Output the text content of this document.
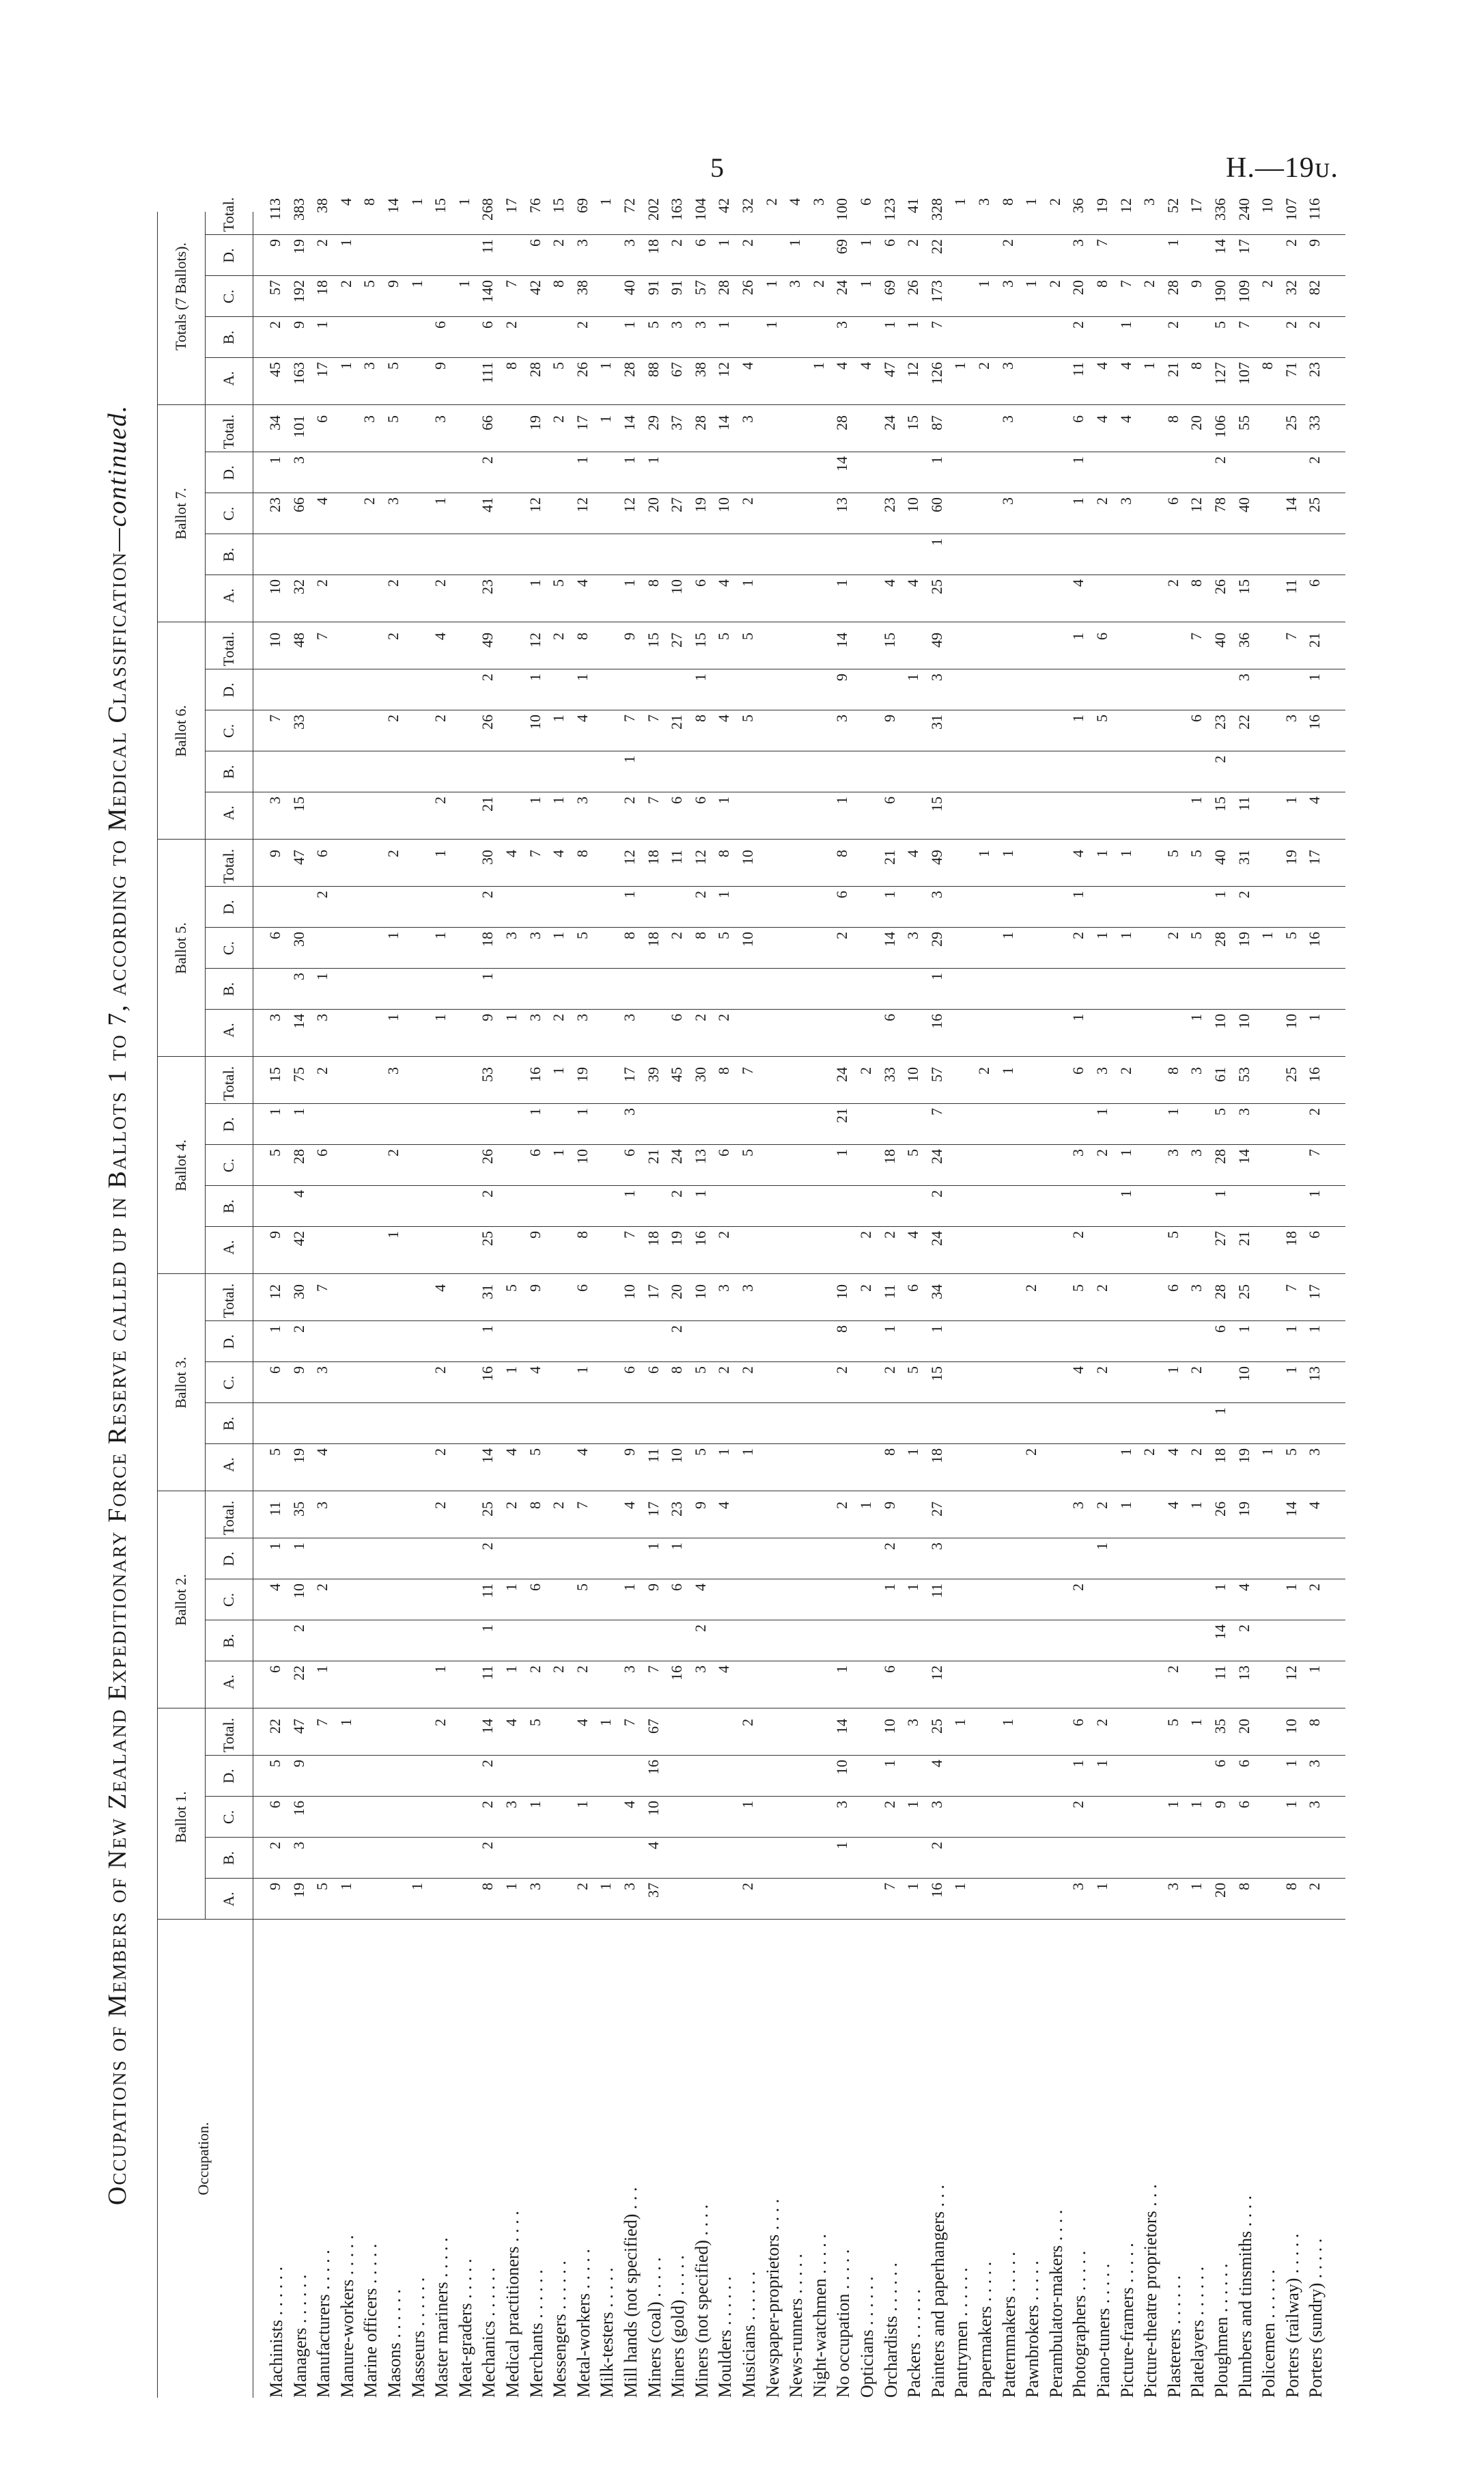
5	H.—19ᴜ.
Occupations of Members of New Zealand Expeditionary Force Reserve called up in Ballots 1 to 7, according to Medical Classification—continued.
Occupation.
Ballot 1.
A.
B.
C.
D.
Total.
Ballot 2.
A.
B.
C.
D.
Total.
Ballot 3.
A.
B.
C.
D.
Total.
Ballot 4.
A.
B.
C.
D.
Total.
Ballot 5.
A.
B.
C.
D.
Total.
Ballot 6.
A.
B.
C.
D.
Total.
Ballot 7.
A.
B.
C.
D.
Total.
Totals (7 Ballots).
A.
B.
C.
D.
Total.
Machinists . . . . . .
9
2
6
5
22
6
4
1
11
5
6
1
12
9
5
1
15
3
6
9
3
7
10
10
23
1
34
45
2
57
9
113
Managers . . . . . .
19
3
16
9
47
22
2
10
1
35
19
9
2
30
42
4
28
1
75
14
3
30
47
15
33
48
32
66
3
101
163
9
192
19
383
Manufacturers . . . . .
5
7
1
2
3
4
3
7
6
2
3
1
2
6
7
2
4
6
17
1
18
2
38
Manure-workers . . . . .
1
1
1
2
1
4
Marine officers . . . . .
2
3
3
5
8
Masons . . . . . .
1
2
3
1
1
2
2
2
2
3
5
5
9
14
Masseurs . . . . . .
1
1
1
Master mariners . . . . .
2
1
2
2
2
4
1
1
1
2
2
4
2
1
3
9
6
15
Meat-graders . . . . .
1
1
Mechanics . . . . . .
8
2
2
2
14
11
1
11
2
25
14
16
1
31
25
2
26
53
9
1
18
2
30
21
26
2
49
23
41
2
66
111
6
140
11
268
Medical practitioners . . . .
1
3
4
1
1
2
4
1
5
1
3
4
8
2
7
17
Merchants . . . . . .
3
1
5
2
6
8
5
4
9
9
6
1
16
3
3
7
1
10
1
12
1
12
19
28
42
6
76
Messengers . . . . . .
2
2
1
1
2
1
4
1
1
2
5
2
5
8
2
15
Metal-workers . . . . .
2
1
4
2
5
7
4
1
6
8
10
1
19
3
5
8
3
4
1
8
4
12
1
17
26
2
38
3
69
Milk-testers . . . . .
1
1
1
1
1
Mill hands (not specified) . . .
3
4
7
3
1
4
9
6
10
7
1
6
3
17
3
8
1
12
2
1
7
9
1
12
1
14
28
1
40
3
72
Miners (coal) . . . . .
37
4
10
16
67
7
9
1
17
11
6
17
18
21
39
18
18
7
7
15
8
20
1
29
88
5
91
18
202
Miners (gold) . . . . .
16
6
1
23
10
8
2
20
19
2
24
45
6
2
11
6
21
27
10
27
37
67
3
91
2
163
Miners (not specified) . . . .
3
2
4
9
5
5
10
16
1
13
30
2
8
2
12
6
8
1
15
6
19
28
38
3
57
6
104
Moulders . . . . . .
4
4
1
2
3
2
6
8
2
5
1
8
1
4
5
4
10
14
12
1
28
1
42
Musicians . . . . . .
2
1
2
1
2
3
5
7
10
10
5
5
1
2
3
4
26
2
32
Newspaper-proprietors . . . .
1
1
2
News-runners . . . . .
3
1
4
Night-watchmen . . . . .
1
2
3
No occupation . . . . .
1
3
10
14
1
2
2
8
10
1
21
24
2
6
8
1
3
9
14
1
13
14
28
4
3
24
69
100
Opticians . . . . . .
1
2
2
2
4
1
1
6
Orchardists . . . . . .
7
2
1
10
6
1
2
9
8
2
1
11
2
18
33
6
14
1
21
6
9
15
4
23
24
47
1
69
6
123
Packers . . . . . .
1
1
3
1
1
5
6
4
5
10
3
4
1
4
10
15
12
1
26
2
41
Painters and paperhangers . . .
16
2
3
4
25
12
11
3
27
18
15
1
34
24
2
24
7
57
16
1
29
3
49
15
31
3
49
25
1
60
1
87
126
7
173
22
328
Pantrymen . . . . . .
1
1
1
1
Papermakers . . . . .
2
1
2
1
3
Patternmakers . . . . .
1
1
1
1
3
3
3
3
2
8
Pawnbrokers . . . . .
2
2
1
1
Perambulator-makers . . . .
2
2
Photographers . . . . .
3
2
1
6
2
3
4
5
2
3
6
1
2
1
4
1
1
4
1
1
6
11
2
20
3
36
Piano-tuners . . . . .
1
1
2
1
2
2
2
2
1
3
1
1
5
6
2
4
4
8
7
19
Picture-framers . . . . .
1
1
1
1
2
1
1
3
4
4
1
7
12
Picture-theatre proprietors . . .
2
1
2
3
Plasterers . . . . . .
3
1
5
2
4
4
1
6
5
3
1
8
2
5
2
6
8
21
2
28
1
52
Platelayers . . . . . .
1
1
1
1
2
2
3
3
3
1
5
5
1
6
7
8
12
20
8
9
17
Ploughmen . . . . . .
20
9
6
35
11
14
1
26
18
1
6
28
27
1
28
5
61
10
28
1
40
15
2
23
40
26
78
2
106
127
5
190
14
336
Plumbers and tinsmiths . . . .
8
6
6
20
13
2
4
19
19
10
1
25
21
14
3
53
10
19
2
31
11
22
3
36
15
40
55
107
7
109
17
240
Policemen . . . . . .
1
1
8
2
10
Porters (railway) . . . . .
8
1
1
10
12
1
14
5
1
1
7
18
25
10
5
19
1
3
7
11
14
25
71
2
32
2
107
Porters (sundry) . . . . .
2
3
3
8
1
2
4
3
13
1
17
6
1
7
2
16
1
16
17
4
16
1
21
6
25
2
33
23
2
82
9
116
